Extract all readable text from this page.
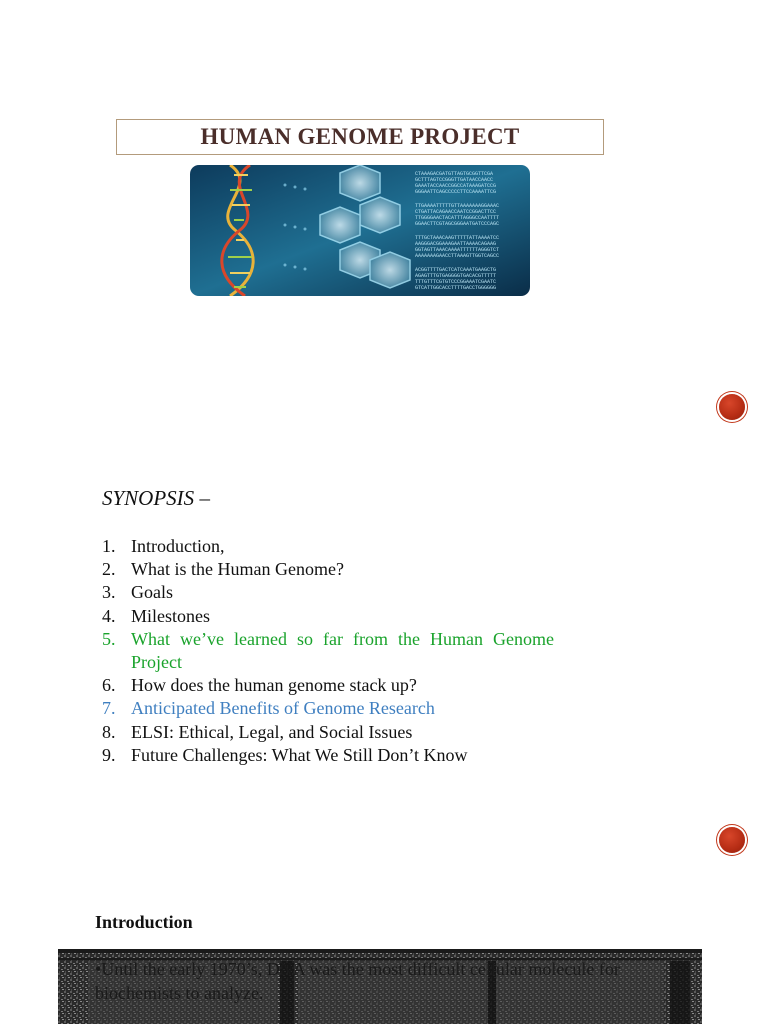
HUMAN GENOME PROJECT
CTAAAGACGATGTTAGTGCGGTTCGA
GCTTTAGTCCGGGTTGATAACCAACC
GAAATACCAACCGGCCATAAAGATCCG
GGGAATTCAGCCCCCTTCCAAAATTCG
TTGAAAATTTTTGTTAAAAAAAGGAAAC
CTGATTACAGAACCAATCCGGACTTCC
TTGGGGAACTACATTTAGGGCCAATTTT
GGAACTTCGTAGCGGGAATGATCCCAGC
TTTGCTAAACAAGTTTTTATTAAAATCC
AAGGGACGGAAAGAATTAAAACAGAAG
GGTAGTTAAACAAAATTTTTTAGGGTCT
AAAAAAAGAACCTTAAAGTTGGTCAGCC
ACGGTTTTGACTCATCAAATGAAGCTG
AGAGTTTGTGAGGGGTGACACGTTTTT
TTTGTTTCGTGTCCCGGAAATCGAATC
GTCATTGGCACCTTTTGACCTGGGGGG
SYNOPSIS –
1. Introduction,
2. What is the Human Genome?
3. Goals
4. Milestones
5. What we’ve learned so far from the Human Genome Project
6. How does the human genome stack up?
7. Anticipated Benefits of Genome Research
8. ELSI: Ethical, Legal, and Social Issues
9. Future Challenges: What We Still Don’t Know
Introduction
•Until the early 1970’s, DNA was the most difficult cellular molecule for biochemists to analyze.
